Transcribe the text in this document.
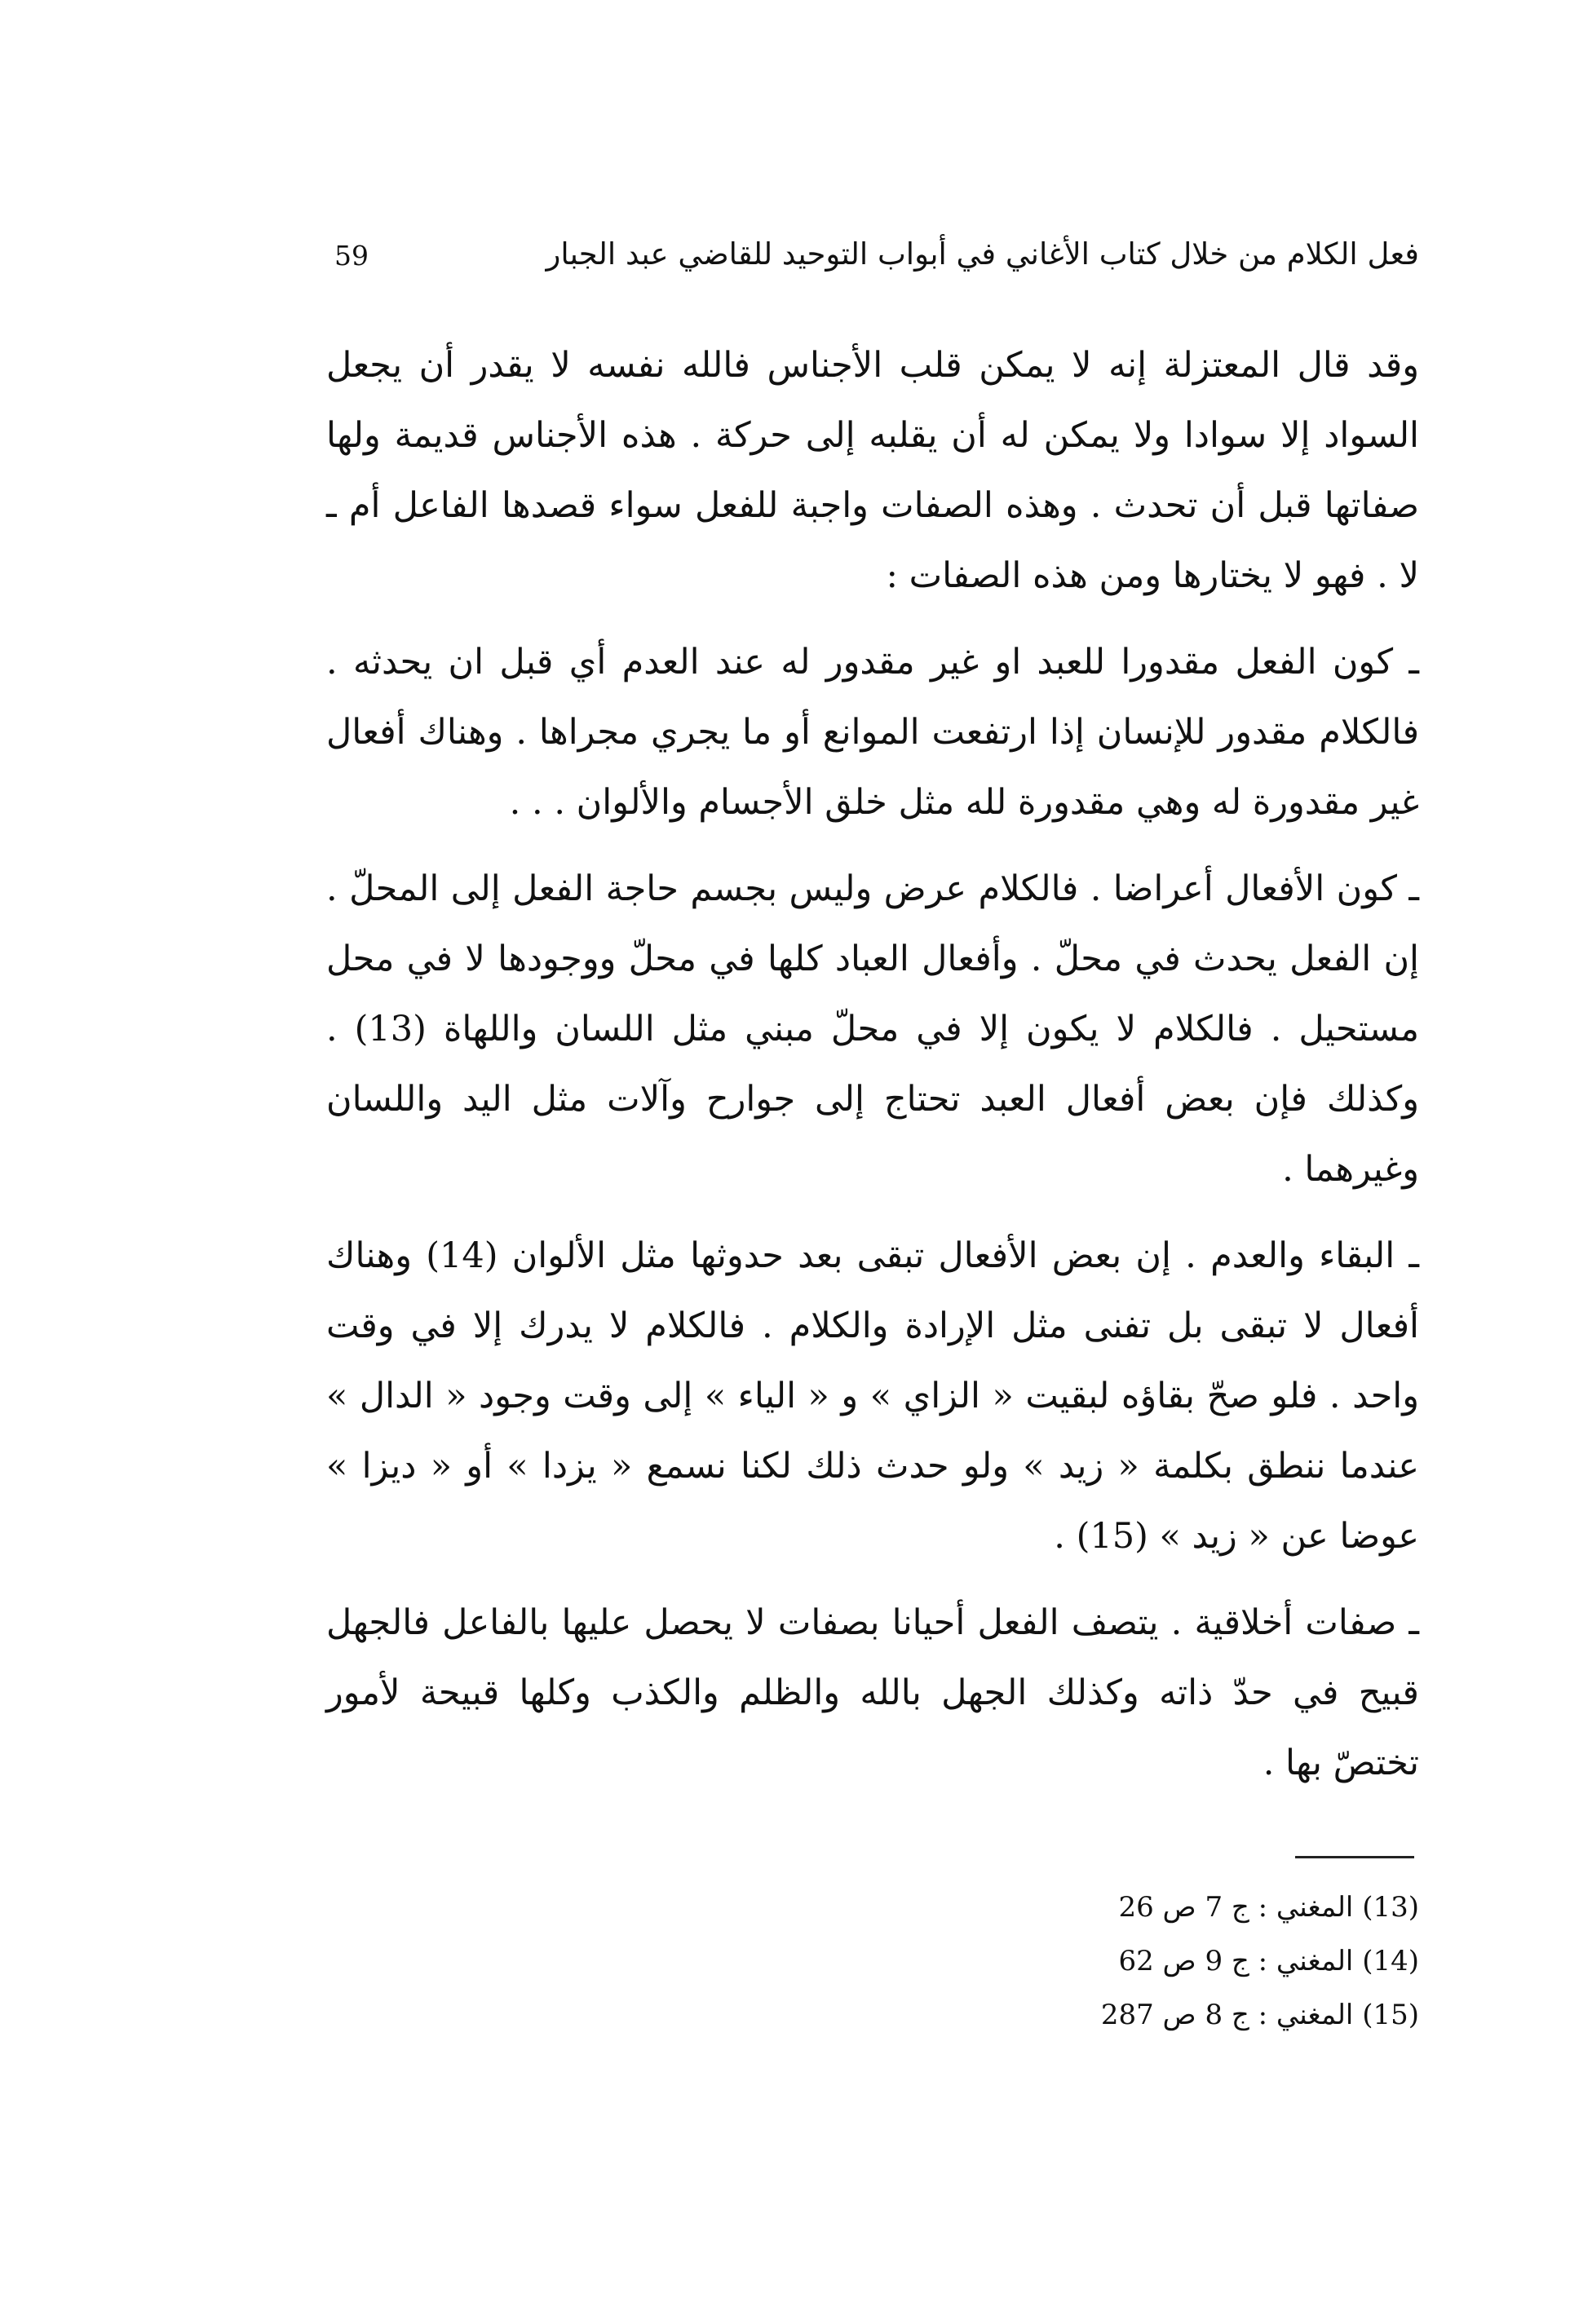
فعل الكلام من خلال كتاب الأغاني في أبواب التوحيد للقاضي عبد الجبار
59

وقد قال المعتزلة إنه لا يمكن قلب الأجناس فالله نفسه لا يقدر أن يجعل السواد إلا سوادا ولا يمكن له أن يقلبه إلى حركة . هذه الأجناس قديمة ولها صفاتها قبل أن تحدث . وهذه الصفات واجبة للفعل سواء قصدها الفاعل أم ـ لا . فهو لا يختارها ومن هذه الصفات :

ـ كون الفعل مقدورا للعبد او غير مقدور له عند العدم أي قبل ان يحدثه . فالكلام مقدور للإنسان إذا ارتفعت الموانع أو ما يجري مجراها . وهناك أفعال غير مقدورة له وهي مقدورة لله مثل خلق الأجسام والألوان . . .

ـ كون الأفعال أعراضا . فالكلام عرض وليس بجسم حاجة الفعل إلى المحلّ . إن الفعل يحدث في محلّ . وأفعال العباد كلها في محلّ ووجودها لا في محل مستحيل . فالكلام لا يكون إلا في محلّ مبني مثل اللسان واللهاة (13) . وكذلك فإن بعض أفعال العبد تحتاج إلى جوارح وآلات مثل اليد واللسان وغيرهما .

ـ البقاء والعدم . إن بعض الأفعال تبقى بعد حدوثها مثل الألوان (14) وهناك أفعال لا تبقى بل تفنى مثل الإرادة والكلام . فالكلام لا يدرك إلا في وقت واحد . فلو صحّ بقاؤه لبقيت « الزاي » و « الياء » إلى وقت وجود « الدال » عندما ننطق بكلمة « زيد » ولو حدث ذلك لكنا نسمع « يزدا » أو « ديزا » عوضا عن « زيد » (15) .

ـ صفات أخلاقية . يتصف الفعل أحيانا بصفات لا يحصل عليها بالفاعل فالجهل قبيح في حدّ ذاته وكذلك الجهل بالله والظلم والكذب وكلها قبيحة لأمور تختصّ بها .

(13) المغني : ج 7 ص 26
(14) المغني : ج 9 ص 62
(15) المغني : ج 8 ص 287
